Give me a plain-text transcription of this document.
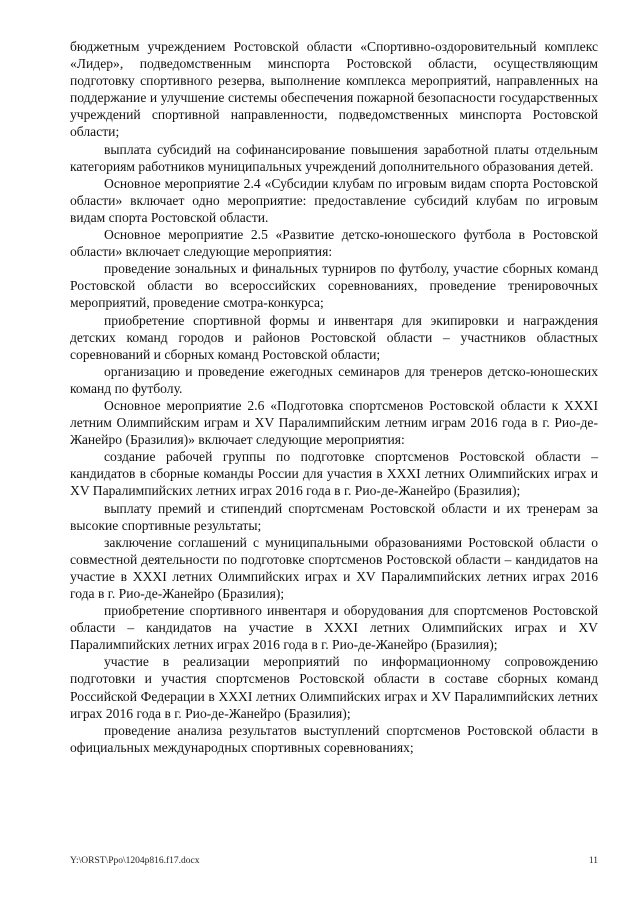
бюджетным учреждением Ростовской области «Спортивно-оздоровительный комплекс «Лидер», подведомственным минспорта Ростовской области, осуществляющим подготовку спортивного резерва, выполнение комплекса мероприятий, направленных на поддержание и улучшение системы обеспечения пожарной безопасности государственных учреждений спортивной направленности, подведомственных минспорта Ростовской области;

выплата субсидий на софинансирование повышения заработной платы отдельным категориям работников муниципальных учреждений дополнительного образования детей.

Основное мероприятие 2.4 «Субсидии клубам по игровым видам спорта Ростовской области» включает одно мероприятие: предоставление субсидий клубам по игровым видам спорта Ростовской области.

Основное мероприятие 2.5 «Развитие детско-юношеского футбола в Ростовской области» включает следующие мероприятия:

проведение зональных и финальных турниров по футболу, участие сборных команд Ростовской области во всероссийских соревнованиях, проведение тренировочных мероприятий, проведение смотра-конкурса;

приобретение спортивной формы и инвентаря для экипировки и награждения детских команд городов и районов Ростовской области – участников областных соревнований и сборных команд Ростовской области;

организацию и проведение ежегодных семинаров для тренеров детско-юношеских команд по футболу.

Основное мероприятие 2.6 «Подготовка спортсменов Ростовской области к XXXI летним Олимпийским играм и XV Паралимпийским летним играм 2016 года в г. Рио-де-Жанейро (Бразилия)» включает следующие мероприятия:

создание рабочей группы по подготовке спортсменов Ростовской области – кандидатов в сборные команды России для участия в XXXI летних Олимпийских играх и XV Паралимпийских летних играх 2016 года в г. Рио-де-Жанейро (Бразилия);

выплату премий и стипендий спортсменам Ростовской области и их тренерам за высокие спортивные результаты;

заключение соглашений с муниципальными образованиями Ростовской области о совместной деятельности по подготовке спортсменов Ростовской области – кандидатов на участие в XXXI летних Олимпийских играх и XV Паралимпийских летних играх 2016 года в г. Рио-де-Жанейро (Бразилия);

приобретение спортивного инвентаря и оборудования для спортсменов Ростовской области – кандидатов на участие в XXXI летних Олимпийских играх и XV Паралимпийских летних играх 2016 года в г. Рио-де-Жанейро (Бразилия);

участие в реализации мероприятий по информационному сопровождению подготовки и участия спортсменов Ростовской области в составе сборных команд Российской Федерации в XXXI летних Олимпийских играх и XV Паралимпийских летних играх 2016 года в г. Рио-де-Жанейро (Бразилия);

проведение анализа результатов выступлений спортсменов Ростовской области в официальных международных спортивных соревнованиях;

Y:\ORST\Ppo\1204p816.f17.docx	11
